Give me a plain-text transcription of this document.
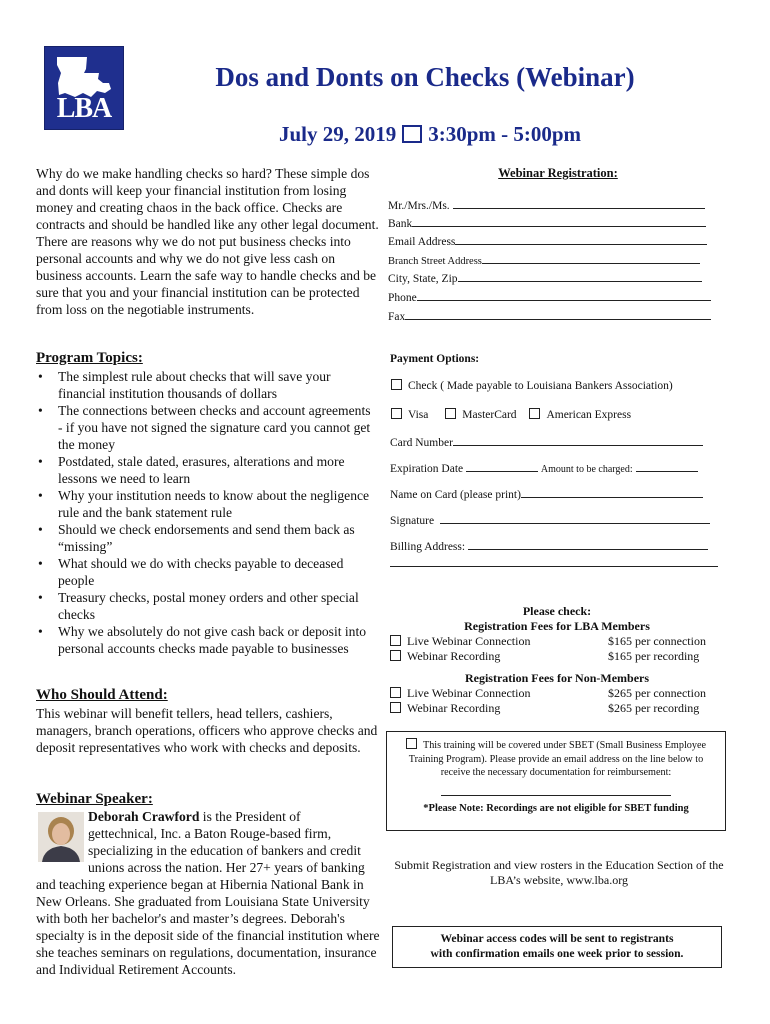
LBA
Dos and Donts on Checks (Webinar)
July 29, 2019 3:30pm - 5:00pm
Why do we make handling checks so hard? These simple dos and donts will keep your financial institution from losing money and creating chaos in the back office. Checks are contracts and should be handled like any other legal document. There are reasons why we do not put business checks into personal accounts and why we do not give less cash on business accounts. Learn the safe way to handle checks and be sure that you and your financial institution can be protected from loss on the negotiable instruments.
Program Topics:
• The simplest rule about checks that will save your financial institution thousands of dollars
• The connections between checks and account agreements - if you have not signed the signature card you cannot get the money
• Postdated, stale dated, erasures, alterations and more lessons we need to learn
• Why your institution needs to know about the negligence rule and the bank statement rule
• Should we check endorsements and send them back as “missing”
• What should we do with checks payable to deceased people
• Treasury checks, postal money orders and other special checks
• Why we absolutely do not give cash back or deposit into personal accounts checks made payable to businesses
Who Should Attend:
This webinar will benefit tellers, head tellers, cashiers, managers, branch operations, officers who approve checks and deposit representatives who work with checks and deposits.
Webinar Speaker:
Deborah Crawford is the President of
gettechnical, Inc. a Baton Rouge-based firm,
specializing in the education of bankers and credit
unions across the nation. Her 27+ years of banking
and teaching experience began at Hibernia National Bank in New Orleans. She graduated from Louisiana State University with both her bachelor's and master’s degrees. Deborah's specialty is in the deposit side of the financial institution where she teaches seminars on regulations, documentation, insurance and Individual Retirement Accounts.
Webinar Registration:
Mr./Mrs./Ms.
Bank
Email Address
Branch Street Address
City, State, Zip
Phone
Fax
Payment Options:
Check ( Made payable to Louisiana Bankers Association)
Visa	MasterCard	American Express
Card Number
Expiration Date	Amount to be charged:
Name on Card (please print)
Signature
Billing Address:
Please check:
Registration Fees for LBA Members
Live Webinar Connection	$165 per connection
Webinar Recording	$165 per recording
Registration Fees for Non-Members
Live Webinar Connection	$265 per connection
Webinar Recording	$265 per recording
This training will be covered under SBET (Small Business Employee Training Program). Please provide an email address on the line below to receive the necessary documentation for reimbursement:
*Please Note: Recordings are not eligible for SBET funding
Submit Registration and view rosters in the Education Section of the LBA’s website, www.lba.org
Webinar access codes will be sent to registrants
with confirmation emails one week prior to session.
